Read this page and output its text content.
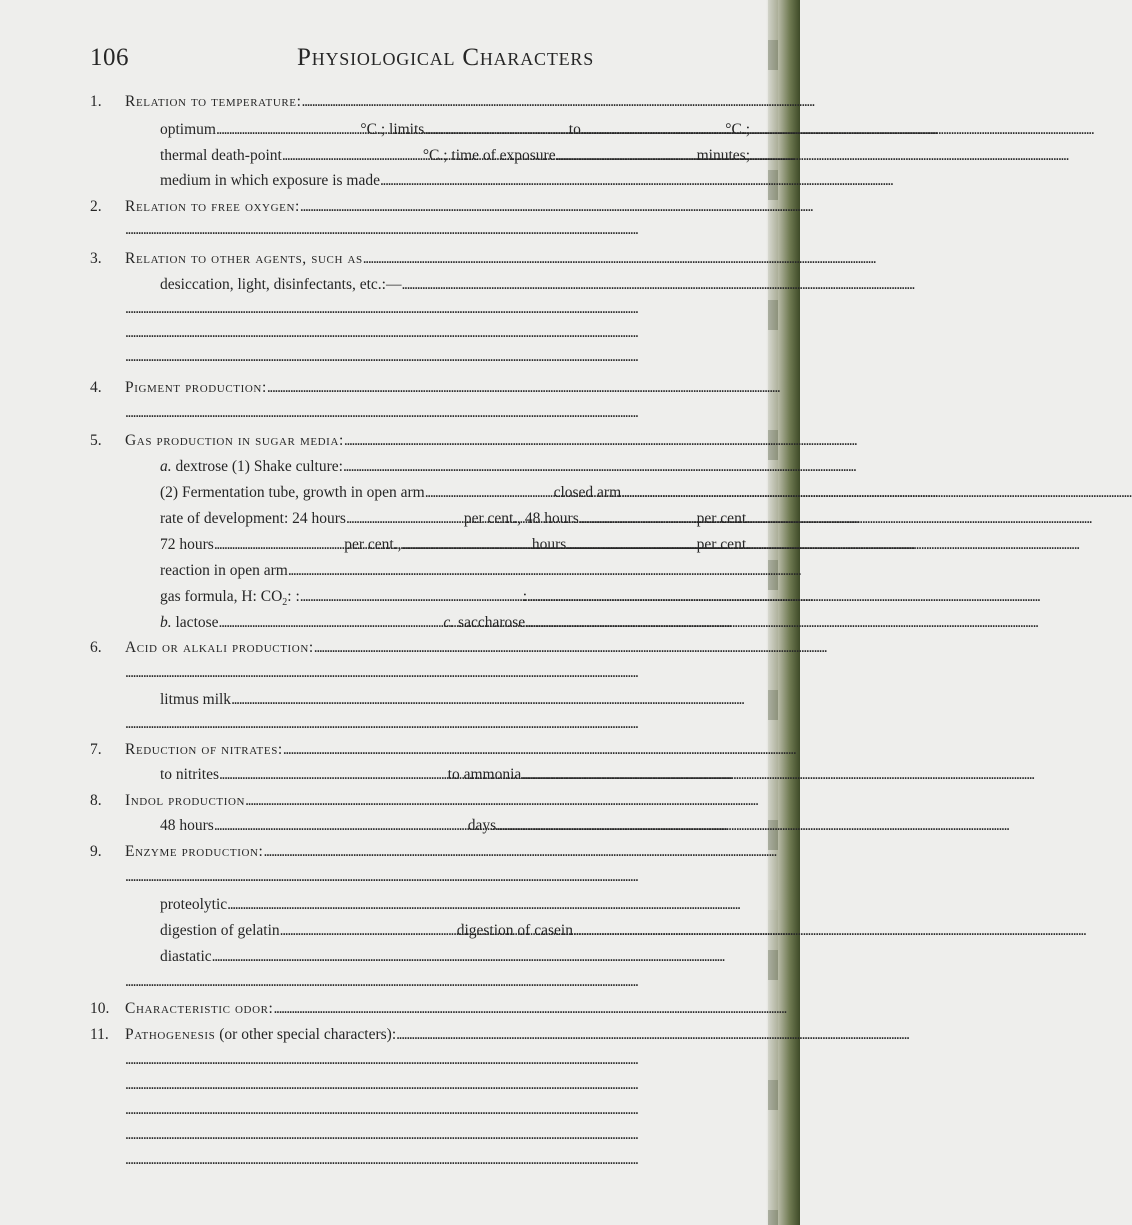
106	Physiological Characters
1. Relation to temperature:
. . .
optimum . . .	°C.; limits . . .	to . . .	°C.;
thermal death-point . . .	°C.; time of exposure . . .	minutes;
medium in which exposure is made
. . .
2. Relation to free oxygen:
. . .
. . .
3. Relation to other agents, such as
. . .
desiccation, light, disinfectants, etc.:—
. . .
. . .
. . .
. . .
4. Pigment production:
. . .
. . .
5. Gas production in sugar media:
. . .
a. dextrose (1) Shake culture:
. . .
(2) Fermentation tube, growth in open arm . . .	closed arm
. . .
rate of development: 24 hours . . .	per cent., 48 hours . . .	per cent.
72 hours . . .	per cent., . . .	hours . . .	per cent.
reaction in open arm
. . .
gas formula, H: $CO_2$: : . . .	:
. . .
b. lactose . . .	c. saccharose
. . .
6. Acid or alkali production:
. . .
. . .
litmus milk
. . .
. . .
7. Reduction of nitrates:
. . .
to nitrites . . .	to ammonia
. . .
8. Indol production
. . .
48 hours . . .	days
. . .
9. Enzyme production:
. . .
. . .
proteolytic
. . .
digestion of gelatin . . .	digestion of casein
. . .
diastatic
. . .
. . .
10. Characteristic odor:
. . .
11. Pathogenesis (or other special characters):
. . .
. . .
. . .
. . .
. . .
. . .
